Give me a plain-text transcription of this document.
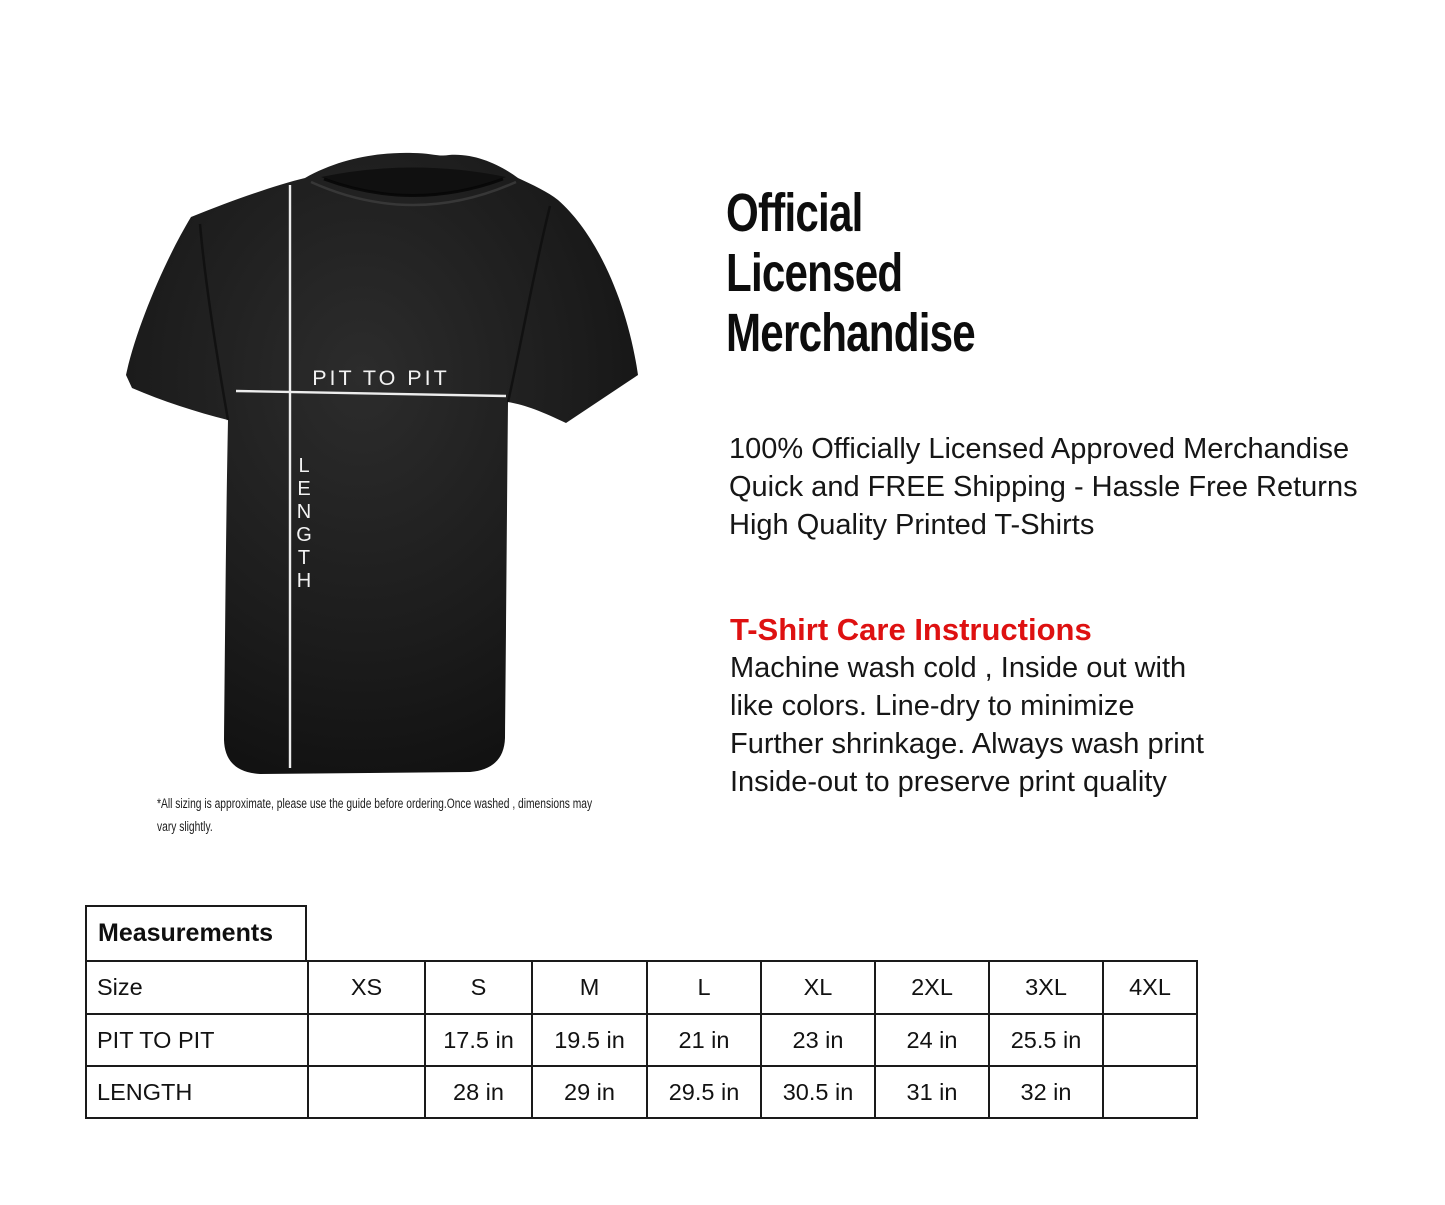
PIT TO PIT
L
E
N
G
T
H
*All sizing is approximate, please use the guide before ordering.Once washed , dimensions may
vary slightly.
Official
Licensed
Merchandise
100% Officially Licensed Approved Merchandise
Quick and FREE Shipping - Hassle Free Returns
High Quality Printed T-Shirts
T-Shirt Care Instructions
Machine wash cold , Inside out with
like colors. Line-dry to minimize
Further shrinkage. Always wash print
Inside-out to preserve print quality
Measurements
Size	XS	S	M	L	XL	2XL	3XL	4XL
PIT TO PIT		17.5 in	19.5 in	21 in	23 in	24 in	25.5 in	
LENGTH		28 in	29 in	29.5 in	30.5 in	31 in	32 in	
